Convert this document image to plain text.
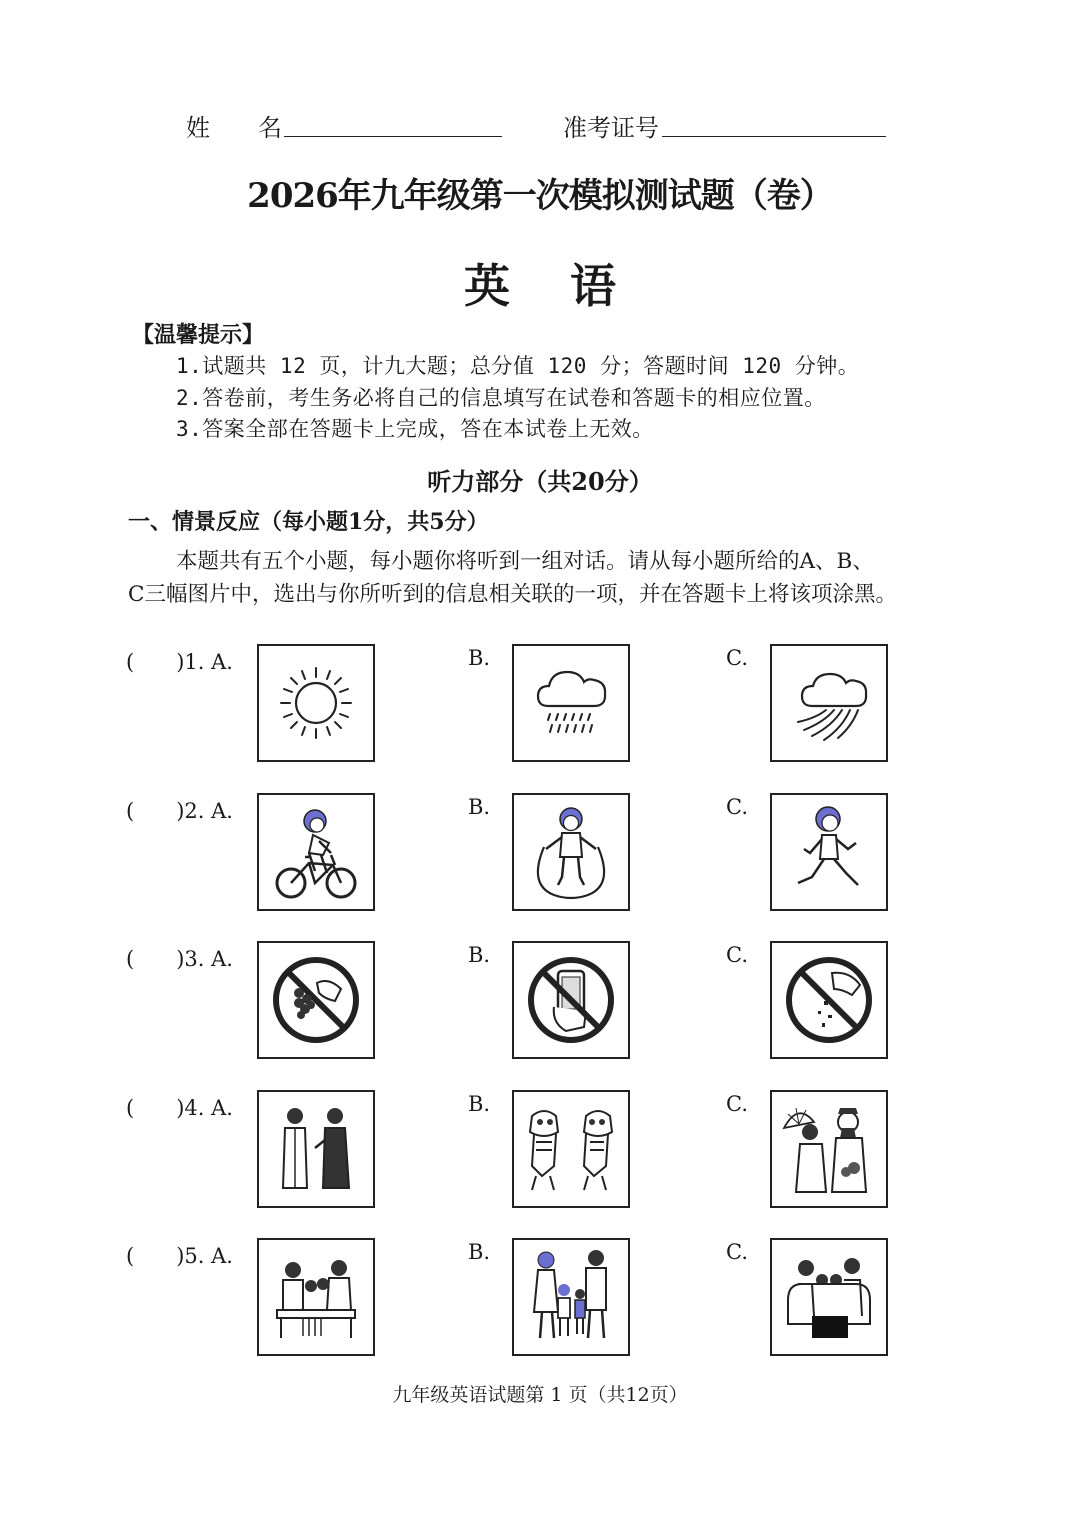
姓　　名	准考证号
2026年九年级第一次模拟测试题（卷）
英 语
【温馨提示】
1.试题共 12 页，计九大题；总分值 120 分；答题时间 120 分钟。
2.答卷前，考生务必将自己的信息填写在试卷和答题卡的相应位置。
3.答案全部在答题卡上完成，答在本试卷上无效。
听力部分（共20分）
一、情景反应（每小题1分，共5分）
本题共有五个小题，每小题你将听到一组对话。请从每小题所给的A、B、
C三幅图片中，选出与你所听到的信息相关联的一项，并在答题卡上将该项涂黑。
(　　)1. A.	B.	C.
(　　)2. A.	B.	C.
(　　)3. A.	B.	C.
(　　)4. A.	B.	C.
(　　)5. A.	B.	C.
九年级英语试题第 1 页（共12页）
